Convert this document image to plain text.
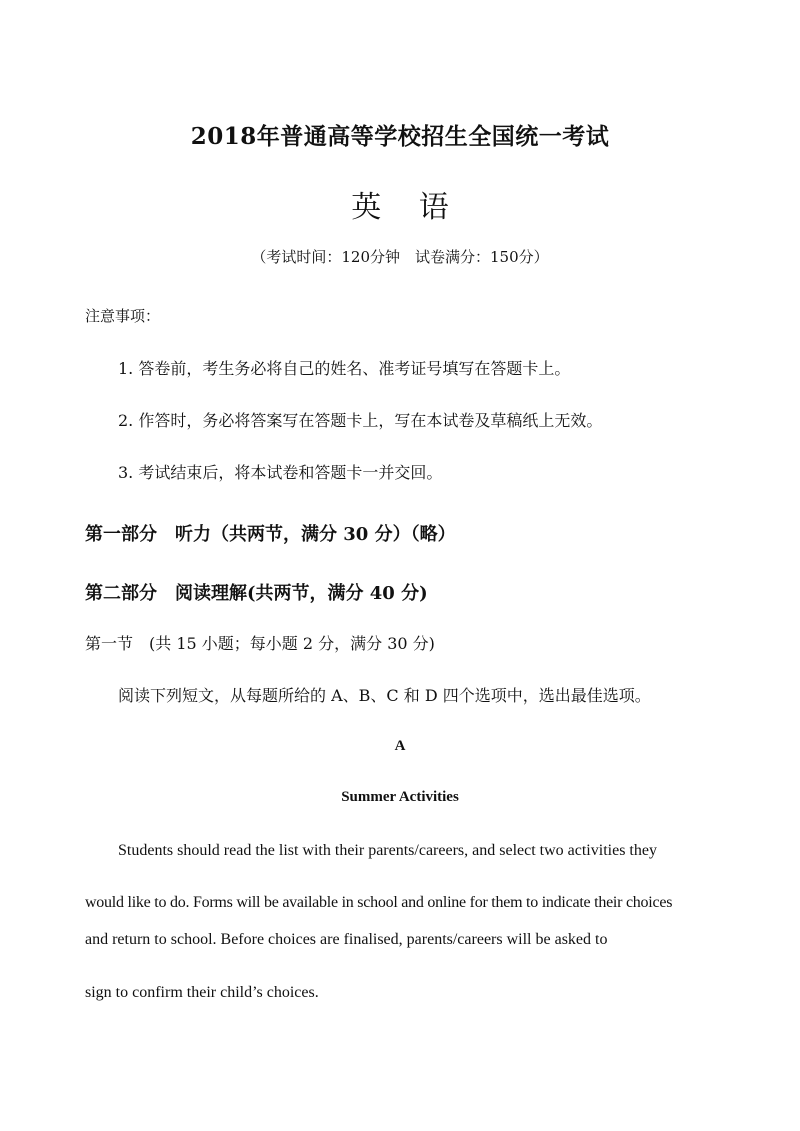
2018年普通高等学校招生全国统一考试
英 语
（考试时间：120分钟　试卷满分：150分）
注意事项：
1. 答卷前，考生务必将自己的姓名、准考证号填写在答题卡上。
2. 作答时，务必将答案写在答题卡上，写在本试卷及草稿纸上无效。
3. 考试结束后，将本试卷和答题卡一并交回。
第一部分　听力（共两节，满分 30 分）（略）
第二部分　阅读理解(共两节，满分 40 分)
第一节　(共 15 小题；每小题 2 分，满分 30 分)
阅读下列短文，从每题所给的 A、B、C 和 D 四个选项中，选出最佳选项。
A
Summer Activities
Students should read the list with their parents/careers, and select two activities they
would like to do. Forms will be available in school and online for them to indicate their choices
and return to school. Before choices are finalised, parents/careers will be asked to
sign to confirm their child’s choices.
